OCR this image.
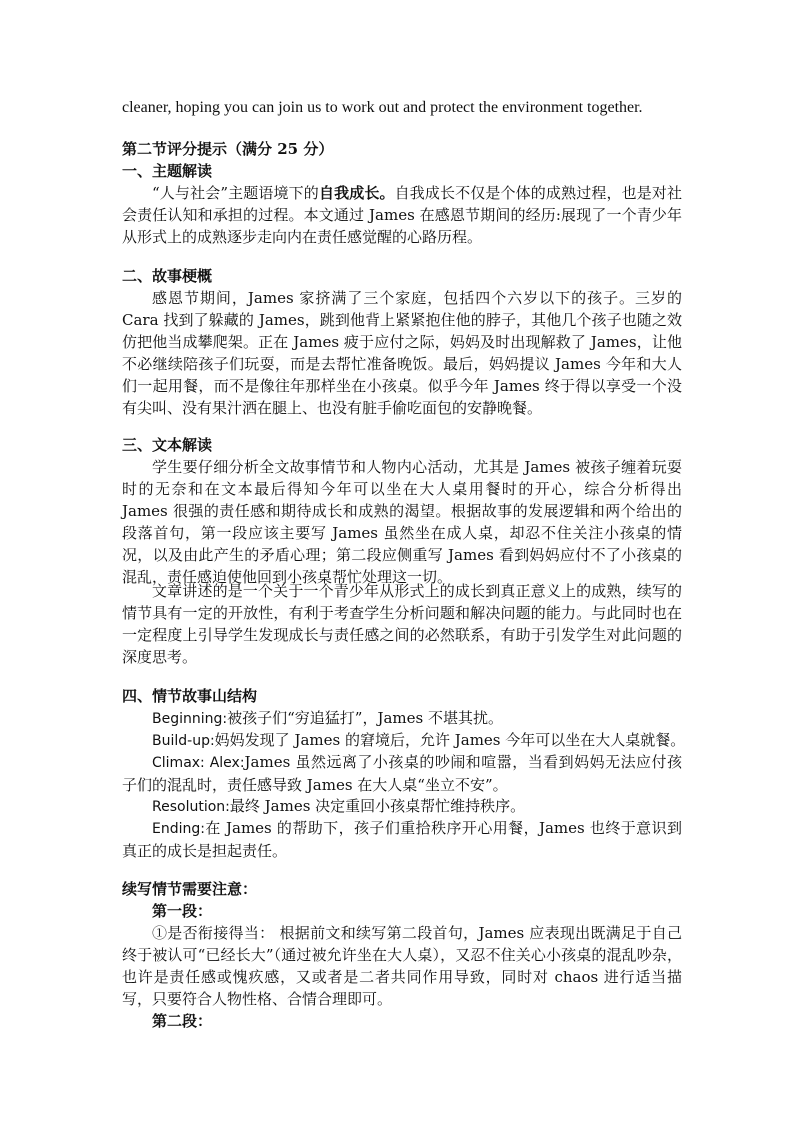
cleaner, hoping you can join us to work out and protect the environment together.

第二节评分提示（满分 25 分）

一、主题解读

“人与社会”主题语境下的自我成长。自我成长不仅是个体的成熟过程，也是对社会责任认知和承担的过程。本文通过 James 在感恩节期间的经历:展现了一个青少年从形式上的成熟逐步走向内在责任感觉醒的心路历程。

二、故事梗概

感恩节期间，James 家挤满了三个家庭，包括四个六岁以下的孩子。三岁的 Cara 找到了躲藏的 James，跳到他背上紧紧抱住他的脖子，其他几个孩子也随之效仿把他当成攀爬架。正在 James 疲于应付之际，妈妈及时出现解救了 James，让他不必继续陪孩子们玩耍，而是去帮忙准备晚饭。最后，妈妈提议 James 今年和大人们一起用餐，而不是像往年那样坐在小孩桌。似乎今年 James 终于得以享受一个没有尖叫、没有果汁洒在腿上、也没有脏手偷吃面包的安静晚餐。

三、文本解读

学生要仔细分析全文故事情节和人物内心活动，尤其是 James 被孩子缠着玩耍时的无奈和在文本最后得知今年可以坐在大人桌用餐时的开心，综合分析得出 James 很强的责任感和期待成长和成熟的渴望。根据故事的发展逻辑和两个给出的段落首句，第一段应该主要写 James 虽然坐在成人桌，却忍不住关注小孩桌的情况，以及由此产生的矛盾心理；第二段应侧重写 James 看到妈妈应付不了小孩桌的混乱，责任感迫使他回到小孩桌帮忙处理这一切。

文章讲述的是一个关于一个青少年从形式上的成长到真正意义上的成熟，续写的情节具有一定的开放性，有利于考查学生分析问题和解决问题的能力。与此同时也在一定程度上引导学生发现成长与责任感之间的必然联系，有助于引发学生对此问题的深度思考。

四、情节故事山结构

Beginning:被孩子们“穷追猛打”，James 不堪其扰。

Build-up:妈妈发现了 James 的窘境后，允许 James 今年可以坐在大人桌就餐。

Climax: Alex:James 虽然远离了小孩桌的吵闹和喧嚣，当看到妈妈无法应付孩子们的混乱时，责任感导致 James 在大人桌“坐立不安”。

Resolution:最终 James 决定重回小孩桌帮忙维持秩序。

Ending:在 James 的帮助下，孩子们重拾秩序开心用餐，James 也终于意识到真正的成长是担起责任。

续写情节需要注意：

第一段：

①是否衔接得当： 根据前文和续写第二段首句，James 应表现出既满足于自己终于被认可“已经长大”（通过被允许坐在大人桌），又忍不住关心小孩桌的混乱吵杂，也许是责任感或愧疚感，又或者是二者共同作用导致，同时对 chaos 进行适当描写，只要符合人物性格、合情合理即可。

第二段：
